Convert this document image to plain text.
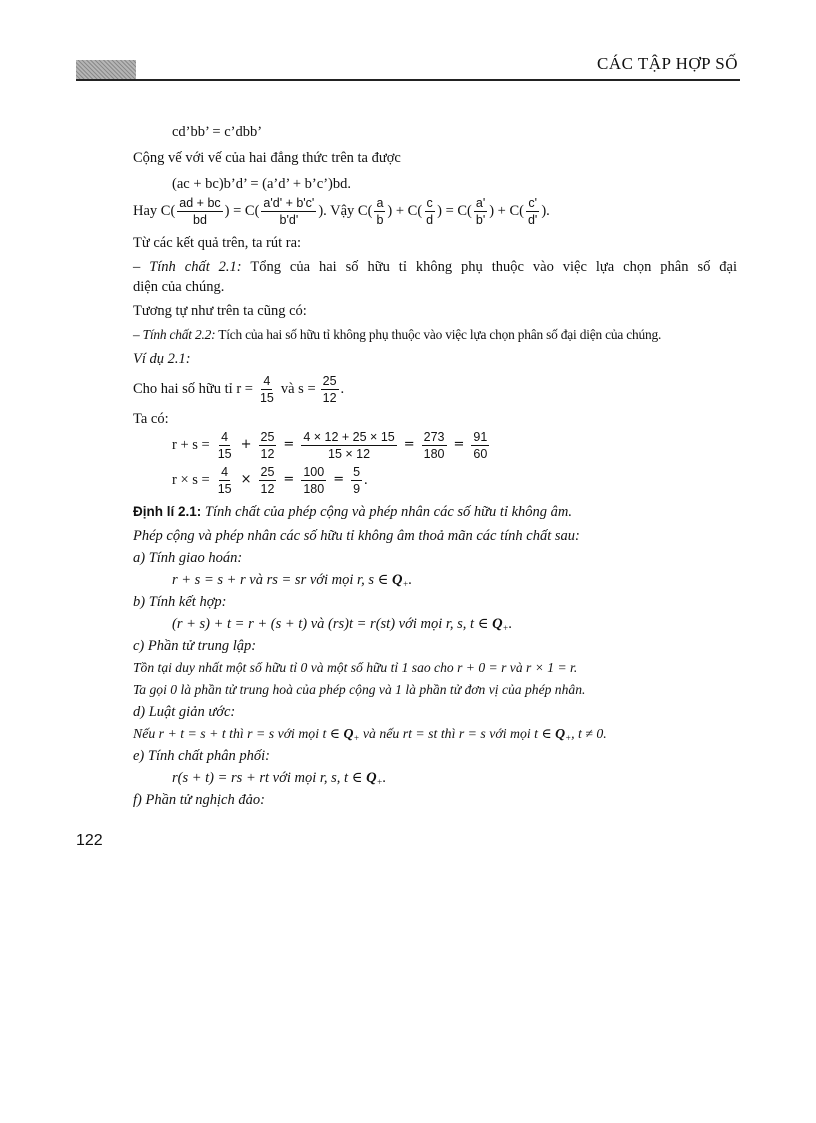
CÁC TẬP HỢP SỐ
cd’bb’ = c’dbb’
Cộng vế với vế của hai đẳng thức trên ta được
(ac + bc)b’d’ = (a’d’ + b’c’)bd.
Hay $C( \frac{ad + bc}{bd}$ ) = $C( \frac{a'd' + b'c'}{b'd'}$ ). Vậy $C( \frac{a}{b}$ ) + $C( \frac{c}{d}$ ) = $C( \frac{a'}{b'}$ ) + $C( \frac{c'}{d'}$ ).
Từ các kết quả trên, ta rút ra:
– Tính chất 2.1: Tổng của hai số hữu tỉ không phụ thuộc vào việc lựa chọn phân số đại
diện của chúng.
Tương tự như trên ta cũng có:
– Tính chất 2.2: Tích của hai số hữu tỉ không phụ thuộc vào việc lựa chọn phân số đại diện của chúng.
Ví dụ 2.1:
Cho hai số hữu tỉ $r = \frac{4}{15}$ và $s = \frac{25}{12}$ .
Ta có:
$r + s = \frac{4}{15} + \frac{25}{12} = \frac{4 \times 12 + 25 \times 15}{15 \times 12} = \frac{273}{180} = \frac{91}{60}$
$r \times s = \frac{4}{15} \times \frac{25}{12} = \frac{100}{180} = \frac{5}{9}$ .
Định lí 2.1: Tính chất của phép cộng và phép nhân các số hữu tỉ không âm.
Phép cộng và phép nhân các số hữu tỉ không âm thoả mãn các tính chất sau:
a) Tính giao hoán:
r + s = s + r và rs = sr với mọi r, s ∈ $Q_+$.
b) Tính kết hợp:
(r + s) + t = r + (s + t) và (rs)t = r(st) với mọi r, s, t ∈ $Q_+$.
c) Phần tử trung lập:
Tồn tại duy nhất một số hữu tỉ 0 và một số hữu tỉ 1 sao cho r + 0 = r và r × 1 = r.
Ta gọi 0 là phần tử trung hoà của phép cộng và 1 là phần tử đơn vị của phép nhân.
d) Luật giản ước:
Nếu r + t = s + t thì r = s với mọi t ∈ $Q_+$ và nếu rt = st thì r = s với mọi t ∈ $Q_+$, t ≠ 0.
e) Tính chất phân phối:
r(s + t) = rs + rt với mọi r, s, t ∈ $Q_+$.
f) Phần tử nghịch đảo:
122
